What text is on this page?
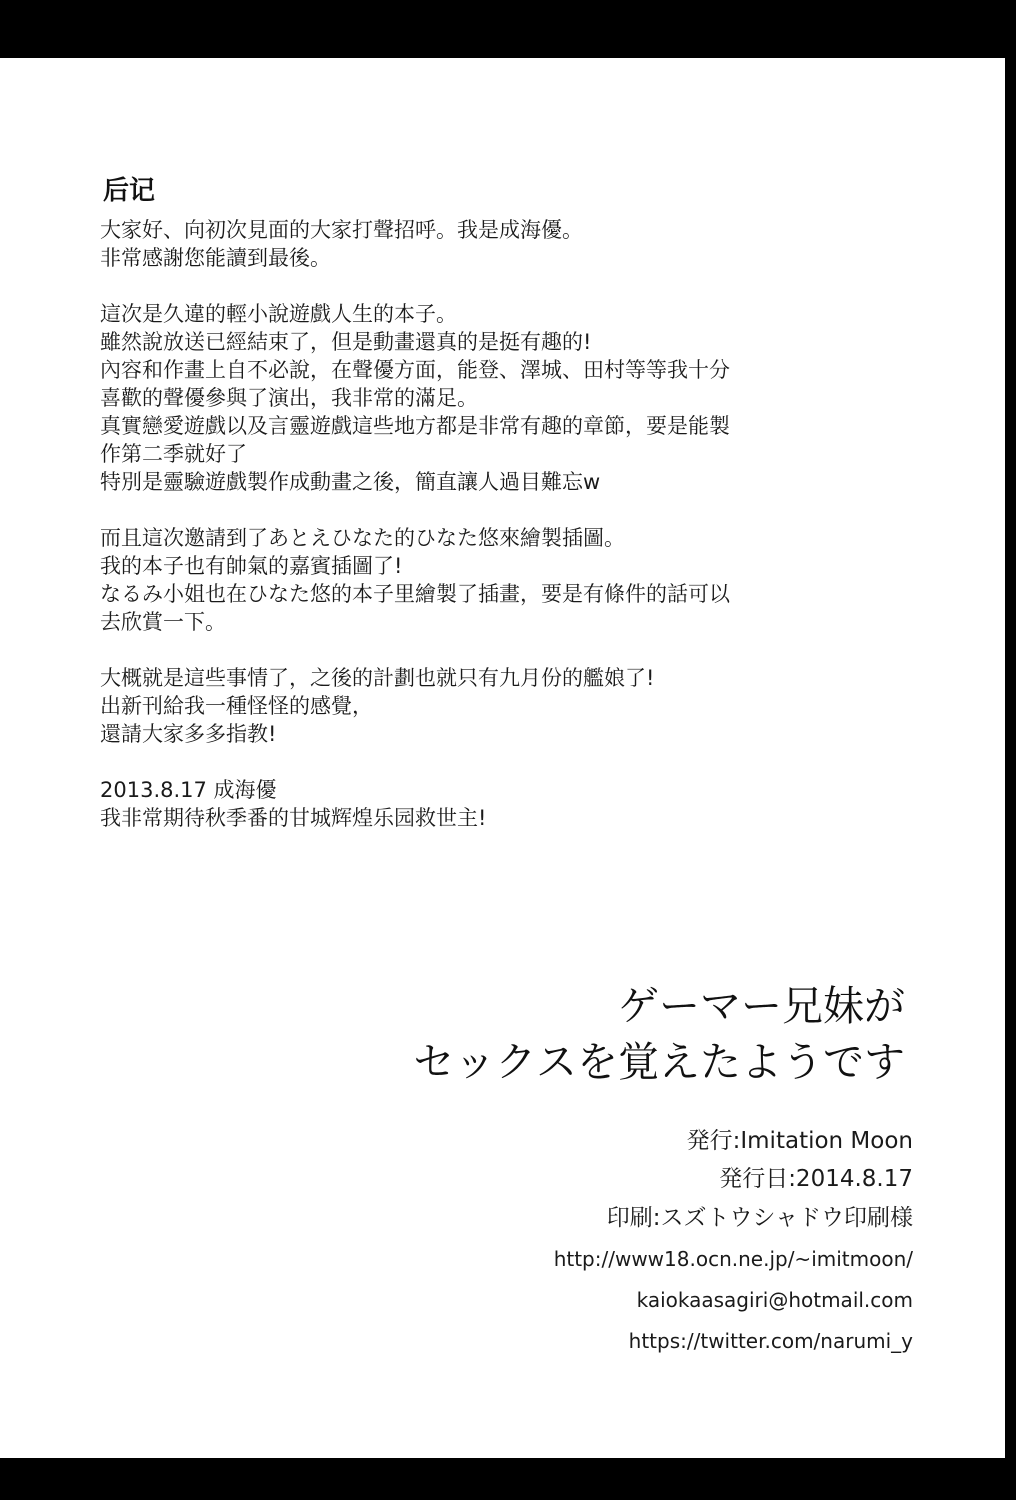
后记
大家好、向初次見面的大家打聲招呼。我是成海優。
非常感謝您能讀到最後。
這次是久違的輕小說遊戲人生的本子。
雖然說放送已經結束了，但是動畫還真的是挺有趣的!
內容和作畫上自不必說，在聲優方面，能登、澤城、田村等等我十分
喜歡的聲優參與了演出，我非常的滿足。
真實戀愛遊戲以及言靈遊戲這些地方都是非常有趣的章節，要是能製
作第二季就好了
特別是靈驗遊戲製作成動畫之後，簡直讓人過目難忘w
而且這次邀請到了あとえひなた的ひなた悠來繪製插圖。
我的本子也有帥氣的嘉賓插圖了!
なるみ小姐也在ひなた悠的本子里繪製了插畫，要是有條件的話可以
去欣賞一下。
大概就是這些事情了，之後的計劃也就只有九月份的艦娘了!
出新刊給我一種怪怪的感覺，
還請大家多多指教!
2013.8.17 成海優
我非常期待秋季番的甘城辉煌乐园救世主!
ゲーマー兄妹が
セックスを覚えたようです
発行:Imitation Moon
発行日:2014.8.17
印刷:スズトウシャドウ印刷様
http://www18.ocn.ne.jp/~imitmoon/
kaiokaasagiri@hotmail.com
https://twitter.com/narumi_y
